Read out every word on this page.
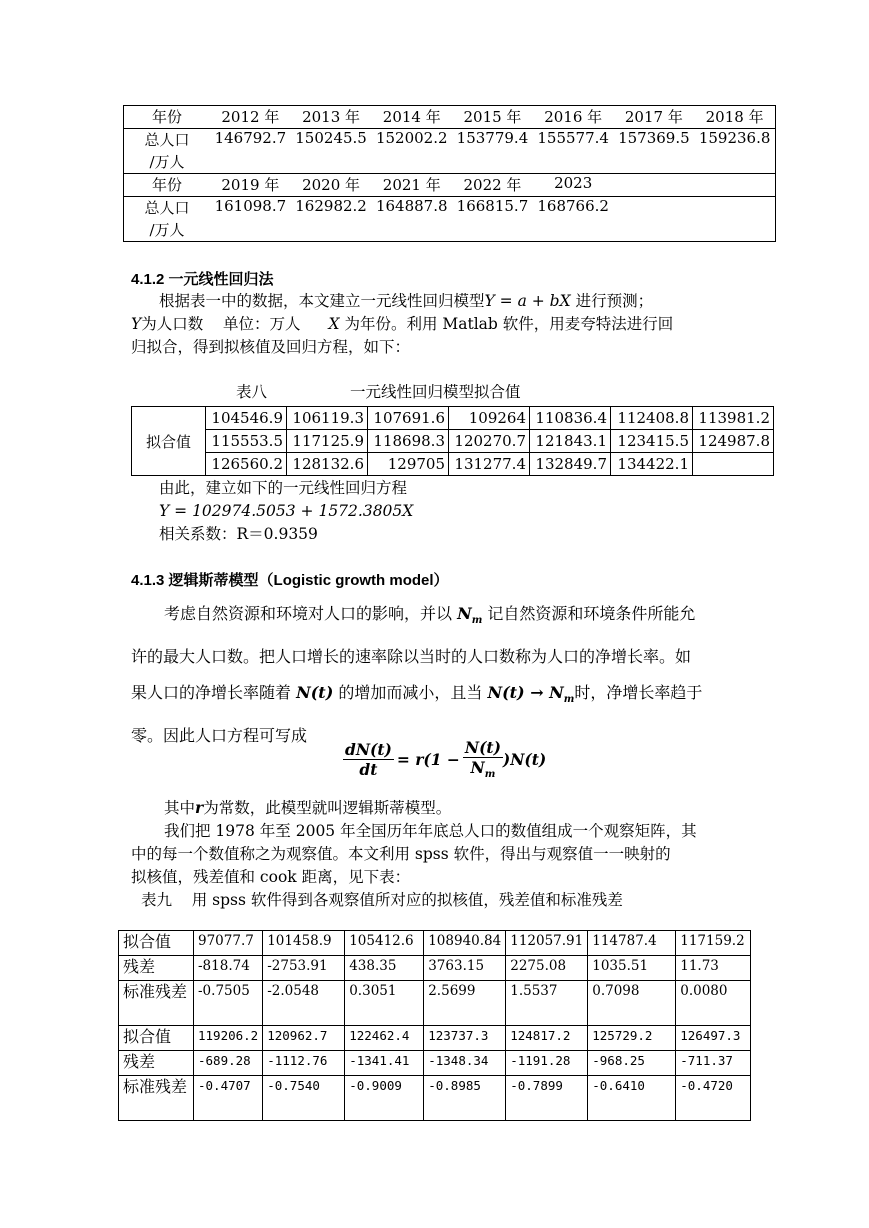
年份	2012 年	2013 年	2014 年	2015 年	2016 年	2017 年	2018 年
总人口
/万人	146792.7	150245.5	152002.2	153779.4	155577.4	157369.5	159236.8
年份	2019 年	2020 年	2021 年	2022 年	2023		
总人口
/万人	161098.7	162982.2	164887.8	166815.7	168766.2		
4.1.2 一元线性回归法
根据表一中的数据，本文建立一元线性回归模型Y = a + bX 进行预测；
Y为人口数    单位：万人 X 为年份。利用 Matlab 软件，用麦夸特法进行回
归拟合，得到拟核值及回归方程，如下：
表八	一元线性回归模型拟合值
拟合值	104546.9	106119.3	107691.6	109264	110836.4	112408.8	113981.2
	115553.5	117125.9	118698.3	120270.7	121843.1	123415.5	124987.8
	126560.2	128132.6	129705	131277.4	132849.7	134422.1	
由此，建立如下的一元线性回归方程
Y = 102974.5053 + 1572.3805X
相关系数：R＝0.9359
4.1.3 逻辑斯蒂模型（Logistic growth model）
考虑自然资源和环境对人口的影响，并以 $N_m$ 记自然资源和环境条件所能允
许的最大人口数。把人口增长的速率除以当时的人口数称为人口的净增长率。如
果人口的净增长率随着 N(t) 的增加而减小，且当 $N(t) \to N_m$时，净增长率趋于
零。因此人口方程可写成
$\frac{dN(t)}{dt} = r(1 - \frac{N(t)}{N_m} )N(t)$
其中r为常数，此模型就叫逻辑斯蒂模型。
我们把 1978 年至 2005 年全国历年年底总人口的数值组成一个观察矩阵，其
中的每一个数值称之为观察值。本文利用 spss 软件，得出与观察值一一映射的
拟核值，残差值和 cook 距离，见下表：
表九    用 spss 软件得到各观察值所对应的拟核值，残差值和标准残差
拟合值	97077.7	101458.9	105412.6	108940.84	112057.91	114787.4	117159.2
残差	-818.74	-2753.91	438.35	3763.15	2275.08	1035.51	11.73
标准残差	-0.7505	-2.0548	0.3051	2.5699	1.5537	0.7098	0.0080
拟合值	119206.2	120962.7	122462.4	123737.3	124817.2	125729.2	126497.3
残差	-689.28	-1112.76	-1341.41	-1348.34	-1191.28	-968.25	-711.37
标准残差	-0.4707	-0.7540	-0.9009	-0.8985	-0.7899	-0.6410	-0.4720
